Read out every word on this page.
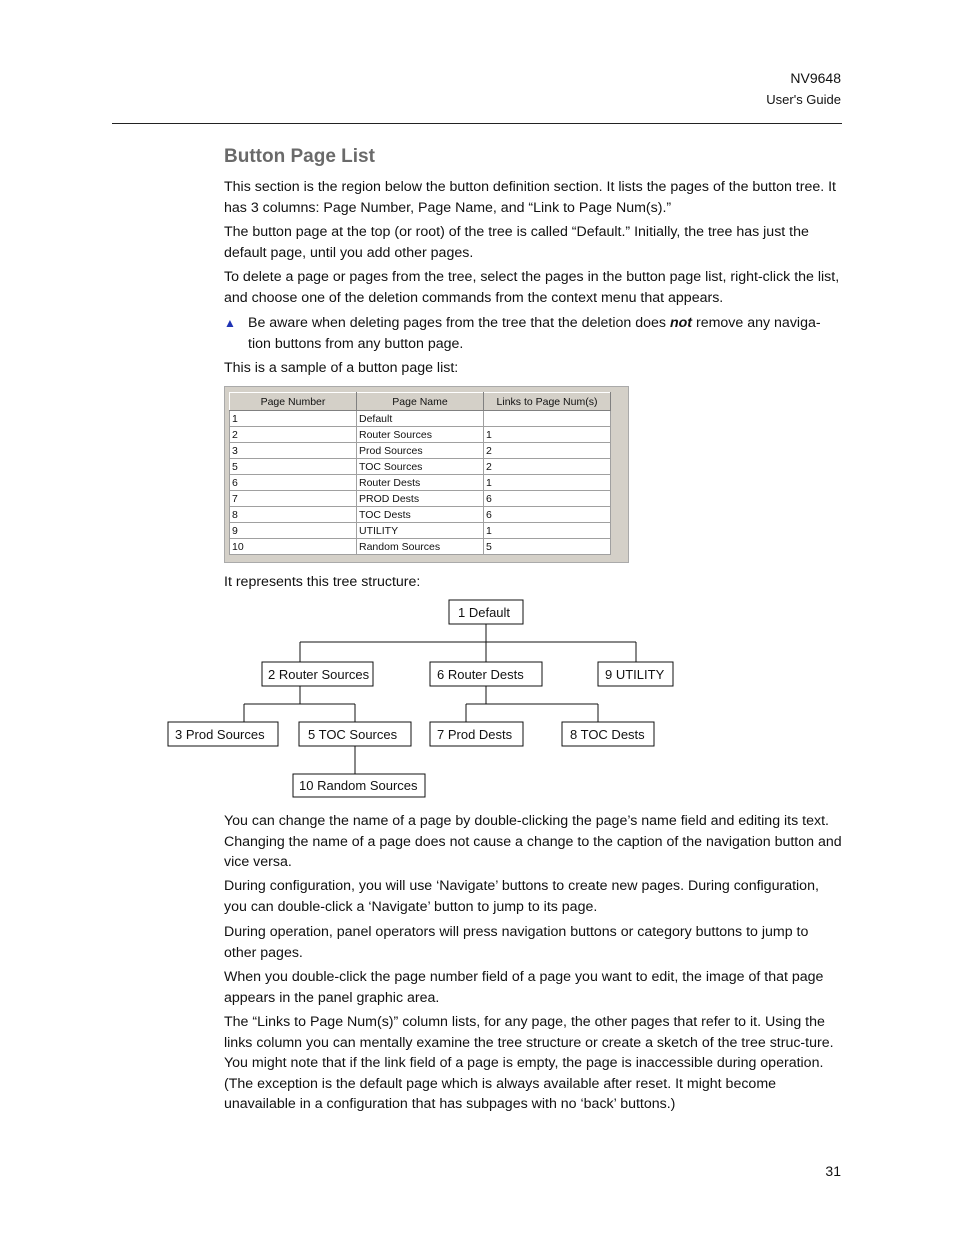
NV9648
User's Guide
Button Page List

This section is the region below the button definition section. It lists the pages of the button tree. It has 3 columns: Page Number, Page Name, and “Link to Page Num(s).”

The button page at the top (or root) of the tree is called “Default.” Initially, the tree has just the default page, until you add other pages.

To delete a page or pages from the tree, select the pages in the button page list, right-click the list, and choose one of the deletion commands from the context menu that appears.

▲ Be aware when deleting pages from the tree that the deletion does not remove any naviga-tion buttons from any button page.

This is a sample of a button page list:

Page Number	Page Name	Links to Page Num(s)
1	Default	
2	Router Sources	1
3	Prod Sources	2
5	TOC Sources	2
6	Router Dests	1
7	PROD Dests	6
8	TOC Dests	6
9	UTILITY	1
10	Random Sources	5

It represents this tree structure:

1 Default
2 Router Sources	6 Router Dests	9 UTILITY
3 Prod Sources	5 TOC Sources	7 Prod Dests	8 TOC Dests
10 Random Sources

You can change the name of a page by double-clicking the page’s name field and editing its text. Changing the name of a page does not cause a change to the caption of the navigation button and vice versa.

During configuration, you will use ‘Navigate’ buttons to create new pages. During configuration, you can double-click a ‘Navigate’ button to jump to its page.

During operation, panel operators will press navigation buttons or category buttons to jump to other pages.

When you double-click the page number field of a page you want to edit, the image of that page appears in the panel graphic area.

The “Links to Page Num(s)” column lists, for any page, the other pages that refer to it. Using the links column you can mentally examine the tree structure or create a sketch of the tree struc-ture. You might note that if the link field of a page is empty, the page is inaccessible during operation. (The exception is the default page which is always available after reset. It might become unavailable in a configuration that has subpages with no ‘back’ buttons.)

31
